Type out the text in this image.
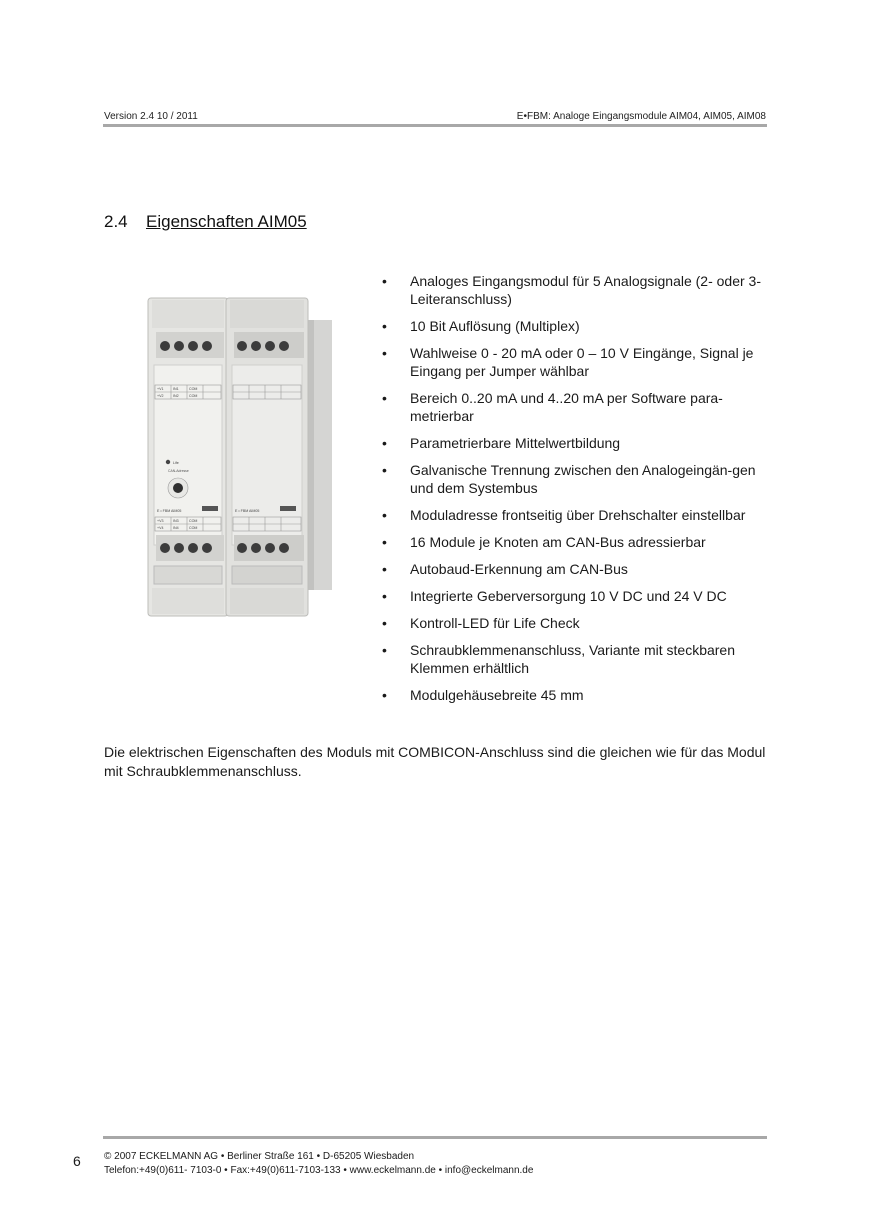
Version 2.4 10 / 2011	E•FBM: Analoge Eingangsmodule AIM04, AIM05, AIM08
2.4 Eigenschaften AIM05
+V1	IN1	COM
+V2	IN2	COM
Life
CAN-Adresse
E • FBM AIM05	E • FBM AIM05
+V3	IN3	COM
+V4	IN4	COM
• Analoges Eingangsmodul für 5 Analogsignale (2- oder 3-Leiteranschluss)
• 10 Bit Auflösung (Multiplex)
• Wahlweise 0 - 20 mA oder 0 – 10 V Eingänge, Signal je Eingang per Jumper wählbar
• Bereich 0..20 mA und 4..20 mA per Software para-metrierbar
• Parametrierbare Mittelwertbildung
• Galvanische Trennung zwischen den Analogeingän-gen und dem Systembus
• Moduladresse frontseitig über Drehschalter einstellbar
• 16 Module je Knoten am CAN-Bus adressierbar
• Autobaud-Erkennung am CAN-Bus
• Integrierte Geberversorgung 10 V DC und 24 V DC
• Kontroll-LED für Life Check
• Schraubklemmenanschluss, Variante mit steckbaren Klemmen erhältlich
• Modulgehäusebreite 45 mm
Die elektrischen Eigenschaften des Moduls mit COMBICON-Anschluss sind die gleichen wie für das Modul mit Schraubklemmenanschluss.
6 © 2007 ECKELMANN AG • Berliner Straße 161 • D-65205 Wiesbaden
Telefon:+49(0)611- 7103-0 • Fax:+49(0)611-7103-133 • www.eckelmann.de • info@eckelmann.de
